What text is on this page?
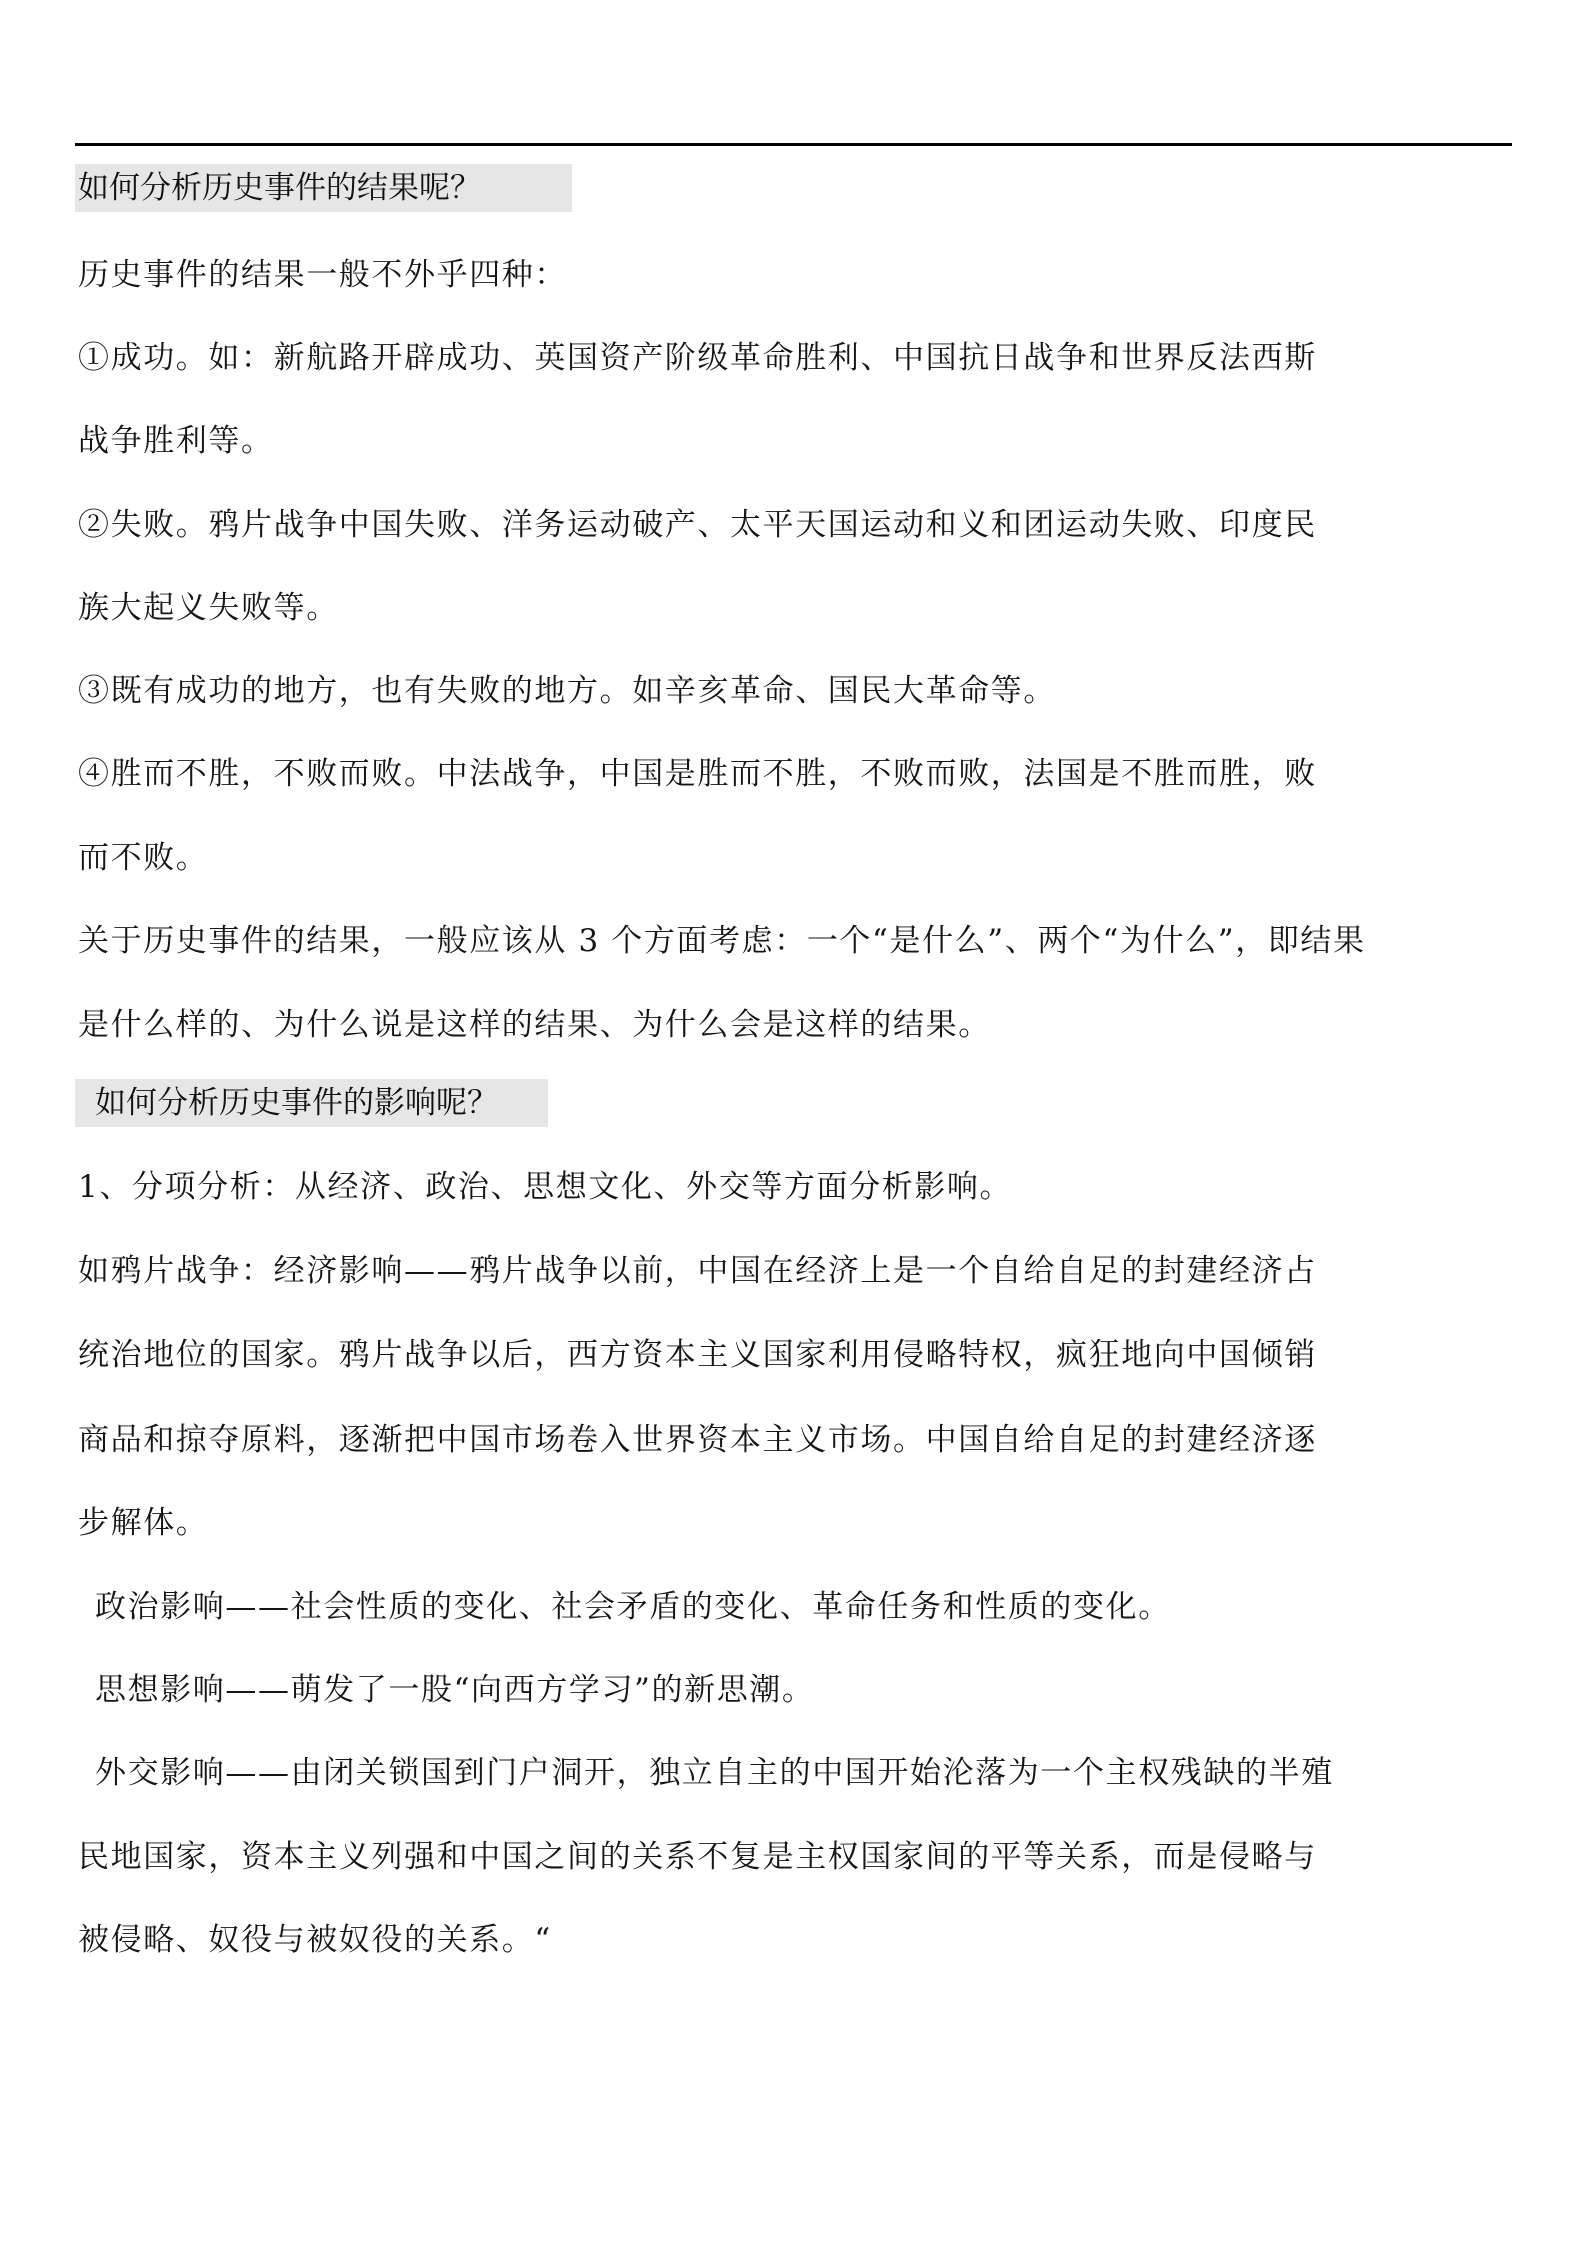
如何分析历史事件的结果呢？
历史事件的结果一般不外乎四种：
①成功。如：新航路开辟成功、英国资产阶级革命胜利、中国抗日战争和世界反法西斯
战争胜利等。
②失败。鸦片战争中国失败、洋务运动破产、太平天国运动和义和团运动失败、印度民
族大起义失败等。
③既有成功的地方，也有失败的地方。如辛亥革命、国民大革命等。
④胜而不胜，不败而败。中法战争，中国是胜而不胜，不败而败，法国是不胜而胜，败
而不败。
关于历史事件的结果，一般应该从 3 个方面考虑：一个“是什么”、两个“为什么”，即结果
是什么样的、为什么说是这样的结果、为什么会是这样的结果。
如何分析历史事件的影响呢？
1、分项分析：从经济、政治、思想文化、外交等方面分析影响。
如鸦片战争：经济影响——鸦片战争以前，中国在经济上是一个自给自足的封建经济占
统治地位的国家。鸦片战争以后，西方资本主义国家利用侵略特权，疯狂地向中国倾销
商品和掠夺原料，逐渐把中国市场卷入世界资本主义市场。中国自给自足的封建经济逐
步解体。
政治影响——社会性质的变化、社会矛盾的变化、革命任务和性质的变化。
思想影响——萌发了一股“向西方学习”的新思潮。
外交影响——由闭关锁国到门户洞开，独立自主的中国开始沦落为一个主权残缺的半殖
民地国家，资本主义列强和中国之间的关系不复是主权国家间的平等关系，而是侵略与
被侵略、奴役与被奴役的关系。“
